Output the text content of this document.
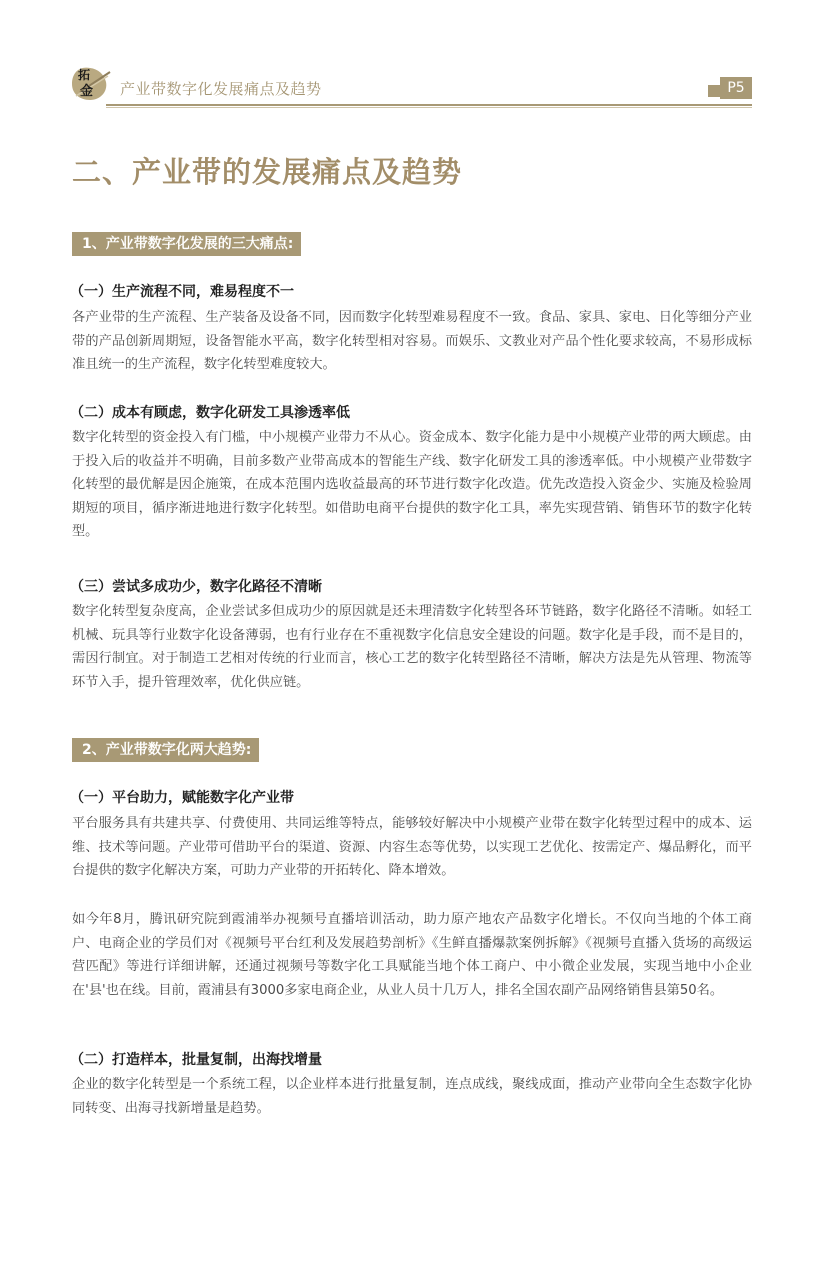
拓
金 产业带数字化发展痛点及趋势	P5
二、产业带的发展痛点及趋势
1、产业带数字化发展的三大痛点:
（一）生产流程不同，难易程度不一

各产业带的生产流程、生产装备及设备不同，因而数字化转型难易程度不一致。食品、家具、家电、日化等细分产业带的产品创新周期短，设备智能水平高，数字化转型相对容易。而娱乐、文教业对产品个性化要求较高，不易形成标准且统一的生产流程，数字化转型难度较大。

（二）成本有顾虑，数字化研发工具渗透率低

数字化转型的资金投入有门槛，中小规模产业带力不从心。资金成本、数字化能力是中小规模产业带的两大顾虑。由于投入后的收益并不明确，目前多数产业带高成本的智能生产线、数字化研发工具的渗透率低。中小规模产业带数字化转型的最优解是因企施策，在成本范围内选收益最高的环节进行数字化改造。优先改造投入资金少、实施及检验周期短的项目，循序渐进地进行数字化转型。如借助电商平台提供的数字化工具，率先实现营销、销售环节的数字化转型。

（三）尝试多成功少，数字化路径不清晰

数字化转型复杂度高，企业尝试多但成功少的原因就是还未理清数字化转型各环节链路，数字化路径不清晰。如轻工机械、玩具等行业数字化设备薄弱，也有行业存在不重视数字化信息安全建设的问题。数字化是手段，而不是目的，需因行制宜。对于制造工艺相对传统的行业而言，核心工艺的数字化转型路径不清晰，解决方法是先从管理、物流等环节入手，提升管理效率，优化供应链。

2、产业带数字化两大趋势:
（一）平台助力，赋能数字化产业带

平台服务具有共建共享、付费使用、共同运维等特点，能够较好解决中小规模产业带在数字化转型过程中的成本、运维、技术等问题。产业带可借助平台的渠道、资源、内容生态等优势，以实现工艺优化、按需定产、爆品孵化，而平台提供的数字化解决方案，可助力产业带的开拓转化、降本增效。

如今年8月，腾讯研究院到霞浦举办视频号直播培训活动，助力原产地农产品数字化增长。不仅向当地的个体工商户、电商企业的学员们对《视频号平台红利及发展趋势剖析》《生鲜直播爆款案例拆解》《视频号直播入货场的高级运营匹配》等进行详细讲解，还通过视频号等数字化工具赋能当地个体工商户、中小微企业发展，实现当地中小企业在'县'也在线。目前，霞浦县有3000多家电商企业，从业人员十几万人，排名全国农副产品网络销售县第50名。

（二）打造样本，批量复制，出海找增量

企业的数字化转型是一个系统工程，以企业样本进行批量复制，连点成线，聚线成面，推动产业带向全生态数字化协同转变、出海寻找新增量是趋势。
